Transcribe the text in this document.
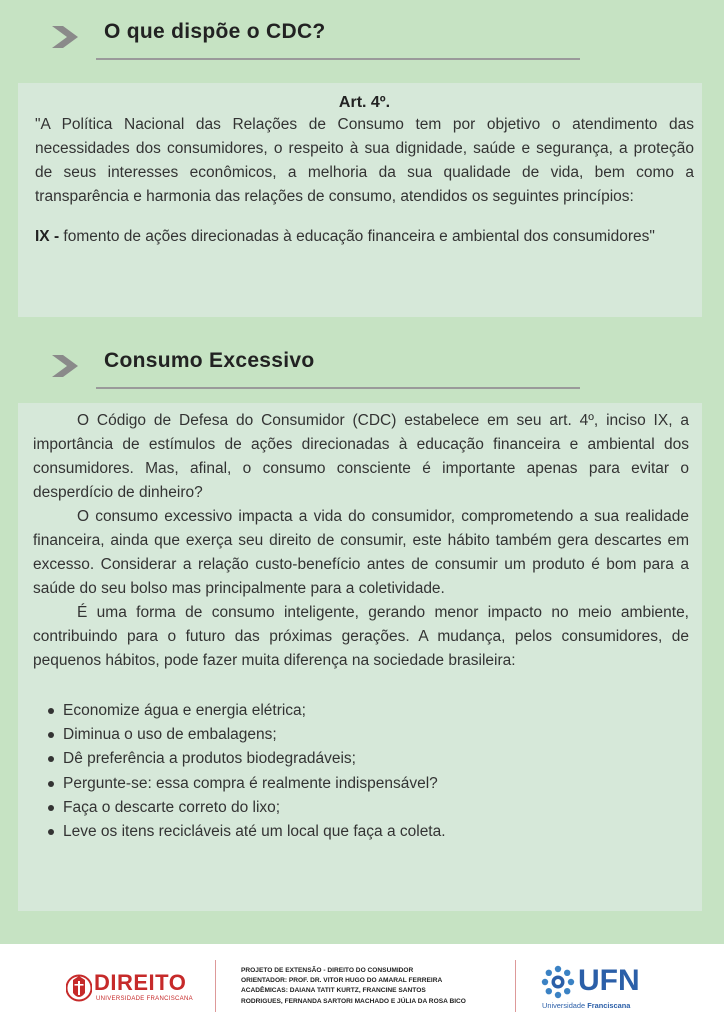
O que dispõe o CDC?
Art. 4º.

"A Política Nacional das Relações de Consumo tem por objetivo o atendimento das necessidades dos consumidores, o respeito à sua dignidade, saúde e segurança, a proteção de seus interesses econômicos, a melhoria da sua qualidade de vida, bem como a transparência e harmonia das relações de consumo, atendidos os seguintes princípios:

IX - fomento de ações direcionadas à educação financeira e ambiental dos consumidores"

Consumo Excessivo

O Código de Defesa do Consumidor (CDC) estabelece em seu art. 4º, inciso IX, a importância de estímulos de ações direcionadas à educação financeira e ambiental dos consumidores. Mas, afinal, o consumo consciente é importante apenas para evitar o desperdício de dinheiro?

O consumo excessivo impacta a vida do consumidor, comprometendo a sua realidade financeira, ainda que exerça seu direito de consumir, este hábito também gera descartes em excesso. Considerar a relação custo-benefício antes de consumir um produto é bom para a saúde do seu bolso mas principalmente para a coletividade.

É uma forma de consumo inteligente, gerando menor impacto no meio ambiente, contribuindo para o futuro das próximas gerações. A mudança, pelos consumidores, de pequenos hábitos, pode fazer muita diferença na sociedade brasileira:

Economize água e energia elétrica;
Diminua o uso de embalagens;
Dê preferência a produtos biodegradáveis;
Pergunte-se: essa compra é realmente indispensável?
Faça o descarte correto do lixo;
Leve os itens recicláveis até um local que faça a coleta.
DIREITO
UNIVERSIDADE FRANCISCANA
PROJETO DE EXTENSÃO - DIREITO DO CONSUMIDOR
ORIENTADOR: PROF. DR. VITOR HUGO DO AMARAL FERREIRA
ACADÊMICAS: DAIANA TATIT KURTZ, FRANCINE SANTOS
RODRIGUES, FERNANDA SARTORI MACHADO E JÚLIA DA ROSA BICO
UFN
Universidade Franciscana
